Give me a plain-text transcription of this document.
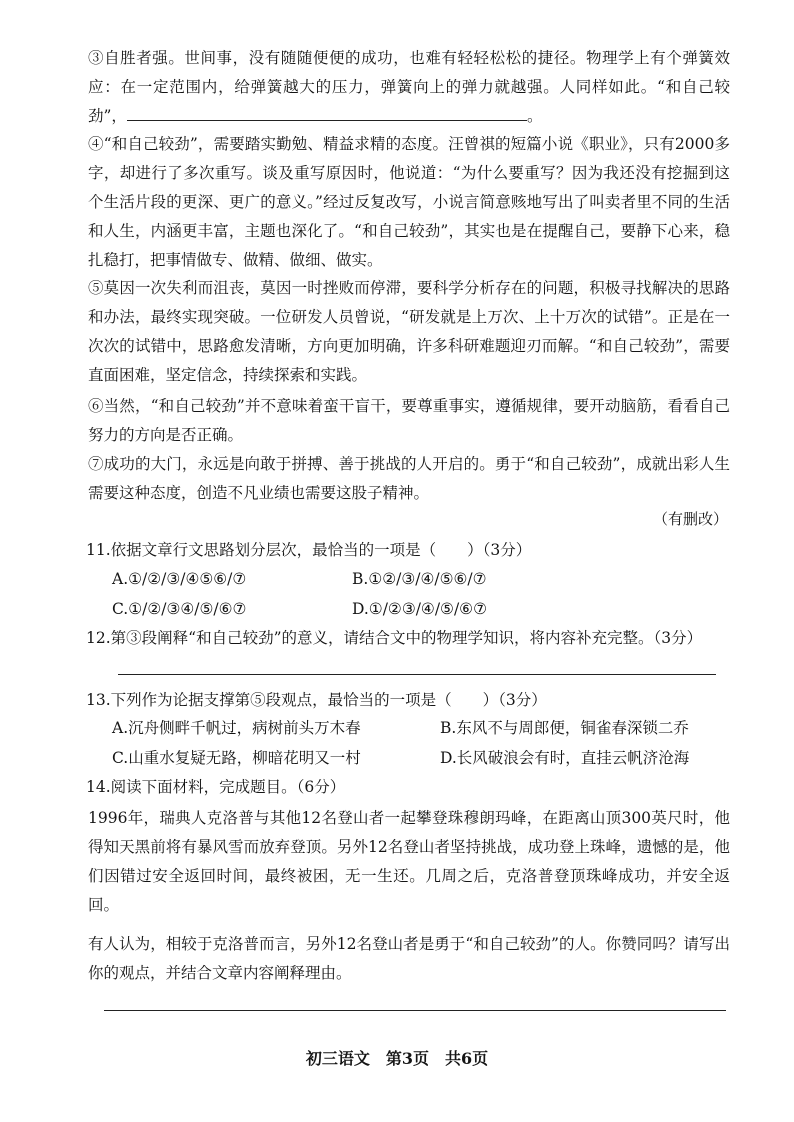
③自胜者强。世间事，没有随随便便的成功，也难有轻轻松松的捷径。物理学上有个弹簧效应：在一定范围内，给弹簧越大的压力，弹簧向上的弹力就越强。人同样如此。“和自己较劲”，	。
④“和自己较劲”，需要踏实勤勉、精益求精的态度。汪曾祺的短篇小说《职业》，只有2000多字，却进行了多次重写。谈及重写原因时，他说道：“为什么要重写？因为我还没有挖掘到这个生活片段的更深、更广的意义。”经过反复改写，小说言简意赅地写出了叫卖者里不同的生活和人生，内涵更丰富，主题也深化了。“和自己较劲”，其实也是在提醒自己，要静下心来，稳扎稳打，把事情做专、做精、做细、做实。
⑤莫因一次失利而沮丧，莫因一时挫败而停滞，要科学分析存在的问题，积极寻找解决的思路和办法，最终实现突破。一位研发人员曾说，“研发就是上万次、上十万次的试错”。正是在一次次的试错中，思路愈发清晰，方向更加明确，许多科研难题迎刃而解。“和自己较劲”，需要直面困难，坚定信念，持续探索和实践。
⑥当然，“和自己较劲”并不意味着蛮干盲干，要尊重事实，遵循规律，要开动脑筋，看看自己努力的方向是否正确。
⑦成功的大门，永远是向敢于拼搏、善于挑战的人开启的。勇于“和自己较劲”，成就出彩人生需要这种态度，创造不凡业绩也需要这股子精神。
（有删改）
11.依据文章行文思路划分层次，最恰当的一项是（　　）（3分）
A.①/②/③/④⑤⑥/⑦	B.①②/③/④/⑤⑥/⑦
C.①/②/③④/⑤/⑥⑦	D.①/②③/④/⑤/⑥⑦
12.第③段阐释“和自己较劲”的意义，请结合文中的物理学知识，将内容补充完整。（3分）
13.下列作为论据支撑第⑤段观点，最恰当的一项是（　　）（3分）
A.沉舟侧畔千帆过，病树前头万木春	B.东风不与周郎便，铜雀春深锁二乔
C.山重水复疑无路，柳暗花明又一村	D.长风破浪会有时，直挂云帆济沧海
14.阅读下面材料，完成题目。（6分）
1996年，瑞典人克洛普与其他12名登山者一起攀登珠穆朗玛峰，在距离山顶300英尺时，他得知天黑前将有暴风雪而放弃登顶。另外12名登山者坚持挑战，成功登上珠峰，遗憾的是，他们因错过安全返回时间，最终被困，无一生还。几周之后，克洛普登顶珠峰成功，并安全返回。
有人认为，相较于克洛普而言，另外12名登山者是勇于“和自己较劲”的人。你赞同吗？请写出你的观点，并结合文章内容阐释理由。
初三语文　第3页　共6页
